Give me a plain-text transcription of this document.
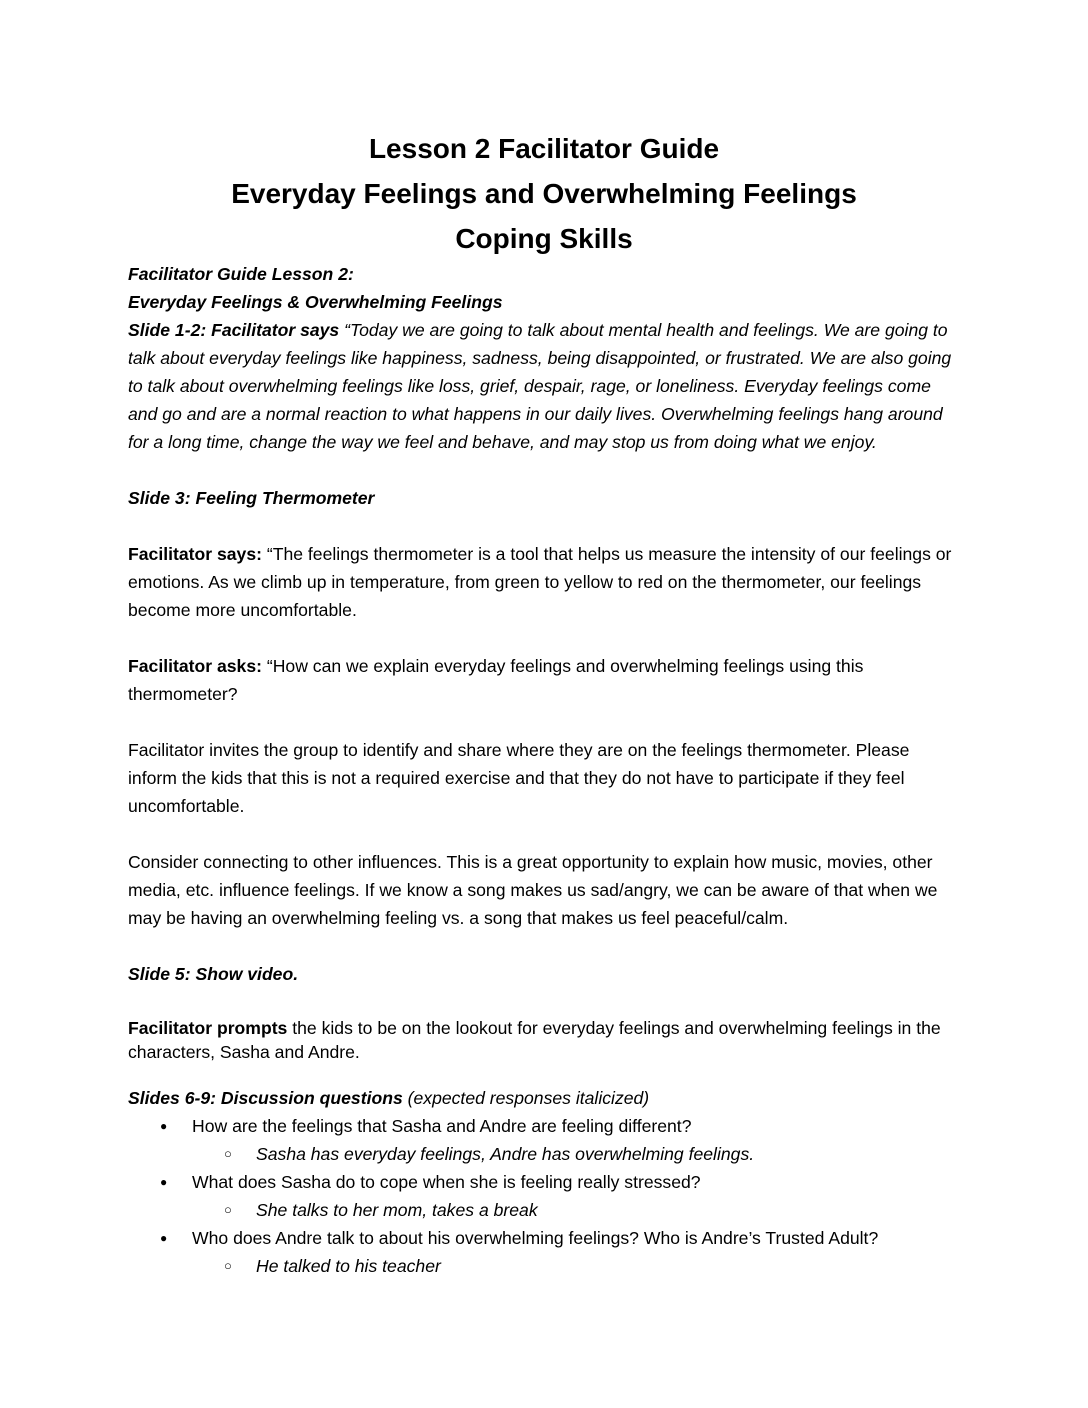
Lesson 2 Facilitator Guide

Everyday Feelings and Overwhelming Feelings

Coping Skills

Facilitator Guide Lesson 2:

Everyday Feelings & Overwhelming Feelings

Slide 1-2: Facilitator says “Today we are going to talk about mental health and feelings. We are going to talk about everyday feelings like happiness, sadness, being disappointed, or frustrated. We are also going to talk about overwhelming feelings like loss, grief, despair, rage, or loneliness. Everyday feelings come and go and are a normal reaction to what happens in our daily lives. Overwhelming feelings hang around for a long time, change the way we feel and behave, and may stop us from doing what we enjoy.

Slide 3: Feeling Thermometer

Facilitator says: “The feelings thermometer is a tool that helps us measure the intensity of our feelings or emotions. As we climb up in temperature, from green to yellow to red on the thermometer, our feelings become more uncomfortable.

Facilitator asks: “How can we explain everyday feelings and overwhelming feelings using this thermometer?

Facilitator invites the group to identify and share where they are on the feelings thermometer. Please inform the kids that this is not a required exercise and that they do not have to participate if they feel uncomfortable.

Consider connecting to other influences. This is a great opportunity to explain how music, movies, other media, etc. influence feelings. If we know a song makes us sad/angry, we can be aware of that when we may be having an overwhelming feeling vs. a song that makes us feel peaceful/calm.

Slide 5: Show video.

Facilitator prompts the kids to be on the lookout for everyday feelings and overwhelming feelings in the characters, Sasha and Andre.

Slides 6-9: Discussion questions (expected responses italicized)

● How are the feelings that Sasha and Andre are feeling different?
○ Sasha has everyday feelings, Andre has overwhelming feelings.
● What does Sasha do to cope when she is feeling really stressed?
○ She talks to her mom, takes a break
● Who does Andre talk to about his overwhelming feelings? Who is Andre’s Trusted Adult?
○ He talked to his teacher
